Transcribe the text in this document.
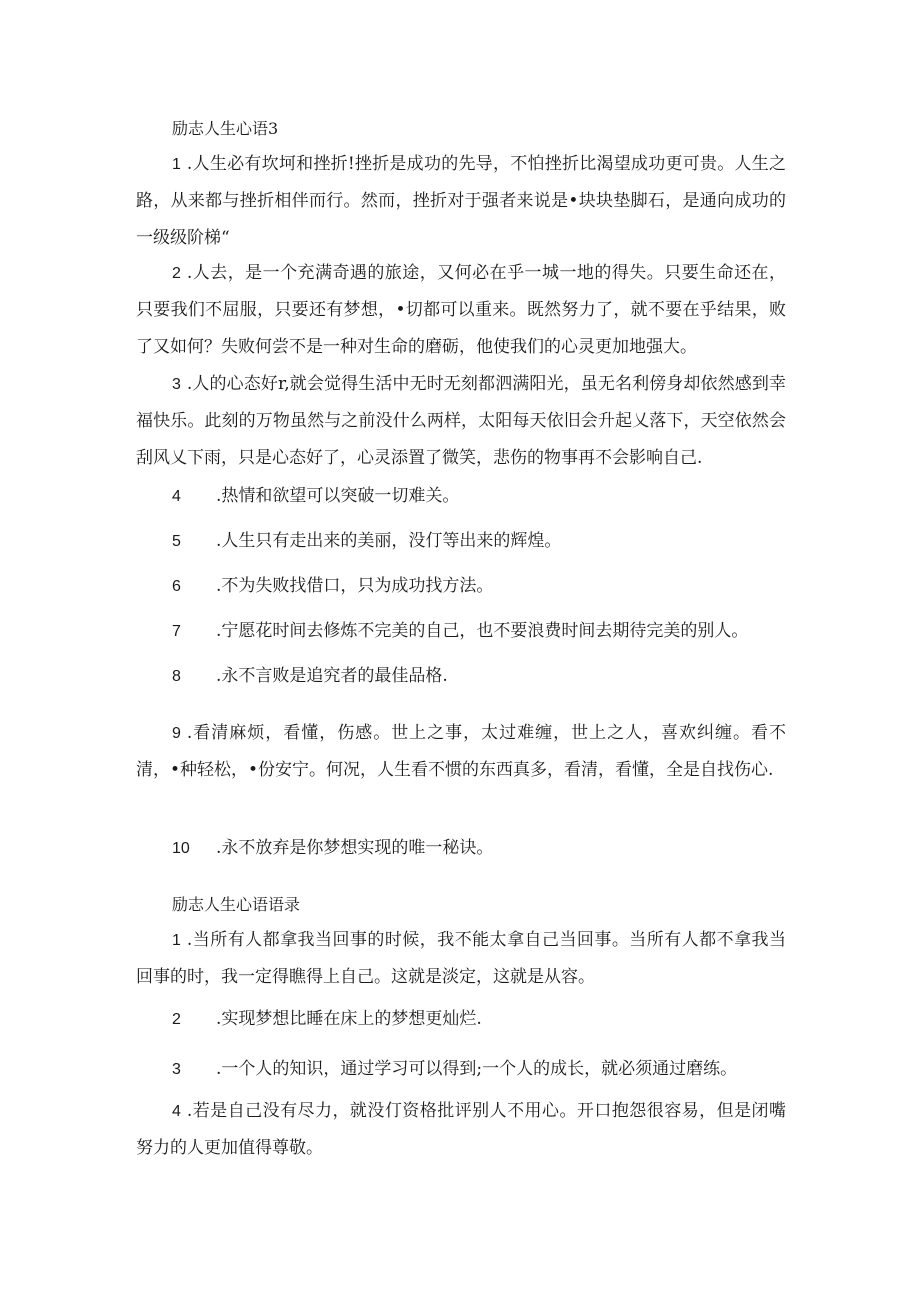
励志人生心语3
1 .人生必有坎坷和挫折!挫折是成功的先导，不怕挫折比渴望成功更可贵。人生之路，从来都与挫折相伴而行。然而，挫折对于强者来说是•块块垫脚石，是通向成功的一级级阶梯“
2 .人去，是一个充满奇遇的旅途，又何必在乎一城一地的得失。只要生命还在，只要我们不屈服，只要还有梦想，•切都可以重来。既然努力了，就不要在乎结果，败了又如何？失败何尝不是一种对生命的磨砺，他使我们的心灵更加地强大。
3 .人的心态好r,就会觉得生活中无时无刻都泗满阳光，虽无名利傍身却依然感到幸福快乐。此刻的万物虽然与之前没什么两样，太阳每天依旧会升起乂落下，天空依然会刮风乂下雨，只是心态好了，心灵添置了微笑，悲伤的物事再不会影响自己.
4 .热情和欲望可以突破一切难关。
5 .人生只有走出来的美丽，没仃等出来的辉煌。
6 .不为失败找借口，只为成功找方法。
7 .宁愿花时间去修炼不完美的自己，也不要浪费时间去期待完美的别人。
8 .永不言败是追究者的最佳品格.
9 .看清麻烦，看懂，伤感。世上之事，太过难缠，世上之人，喜欢纠缠。看不清，•种轻松，•份安宁。何况，人生看不惯的东西真多，看清，看懂，全是自找伤心.
10 .永不放弃是你梦想实现的唯一秘诀。
励志人生心语语录
1 .当所有人都拿我当回事的时候，我不能太拿自己当回事。当所有人都不拿我当回事的时，我一定得瞧得上自己。这就是淡定，这就是从容。
2 .实现梦想比睡在床上的梦想更灿烂.
3 .一个人的知识，通过学习可以得到;一个人的成长，就必须通过磨练。
4 .若是自己没有尽力，就没仃资格批评别人不用心。开口抱怨很容易，但是闭嘴努力的人更加值得尊敬。
